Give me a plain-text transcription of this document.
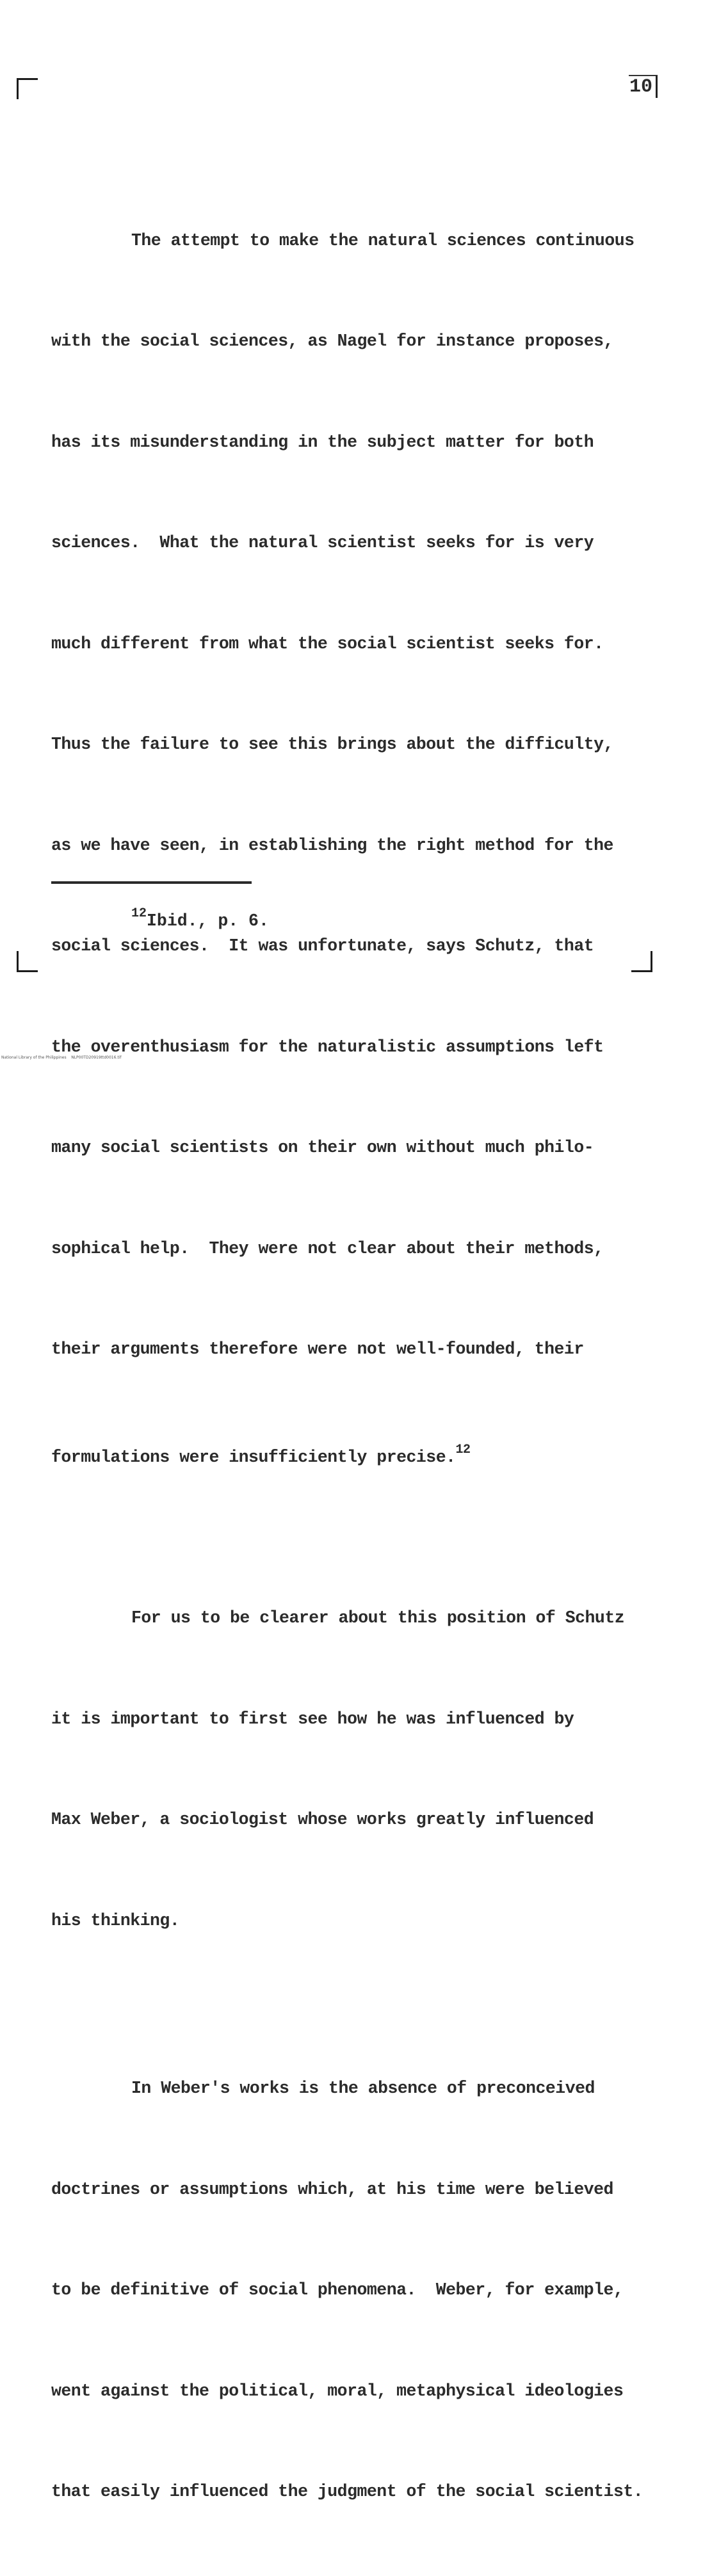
10

The attempt to make the natural sciences continuous

with the social sciences, as Nagel for instance proposes,

has its misunderstanding in the subject matter for both

sciences.  What the natural scientist seeks for is very

much different from what the social scientist seeks for.

Thus the failure to see this brings about the difficulty,

as we have seen, in establishing the right method for the

social sciences.  It was unfortunate, says Schutz, that

the overenthusiasm for the naturalistic assumptions left

many social scientists on their own without much philo-

sophical help.  They were not clear about their methods,

their arguments therefore were not well-founded, their

formulations were insufficiently precise.$^{12}$

For us to be clearer about this position of Schutz

it is important to first see how he was influenced by

Max Weber, a sociologist whose works greatly influenced

his thinking.

In Weber's works is the absence of preconceived

doctrines or assumptions which, at his time were believed

to be definitive of social phenomena.  Weber, for example,

went against the political, moral, metaphysical ideologies

that easily influenced the judgment of the social scientist.

$^{12}$Ibid., p. 6.
National Library of the Philippines    NLP00TD20919ttd0016.tif
